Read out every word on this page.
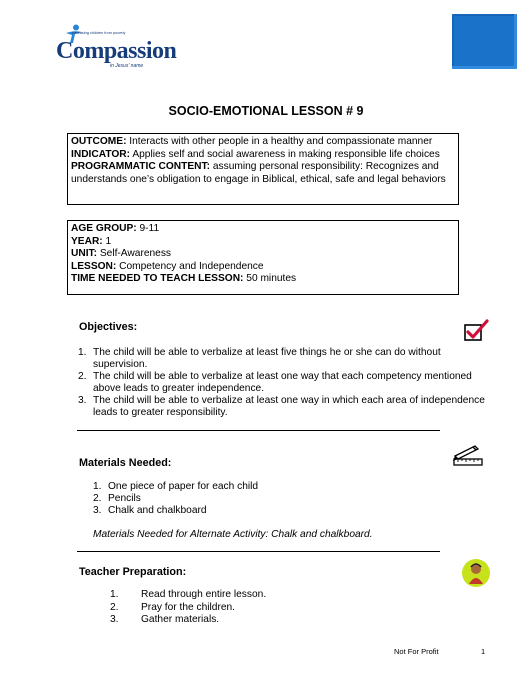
Releasing children from poverty
Compassion
in Jesus' name
SOCIO-EMOTIONAL LESSON # 9
OUTCOME: Interacts with other people in a healthy and compassionate manner
INDICATOR: Applies self and social awareness in making responsible life choices
PROGRAMMATIC CONTENT: assuming personal responsibility: Recognizes and understands one’s obligation to engage in Biblical, ethical, safe and legal behaviors
AGE GROUP: 9-11
YEAR: 1
UNIT: Self-Awareness
LESSON: Competency and Independence
TIME NEEDED TO TEACH LESSON: 50 minutes
Objectives:
1. The child will be able to verbalize at least five things he or she can do without supervision.
2. The child will be able to verbalize at least one way that each competency mentioned above leads to greater independence.
3. The child will be able to verbalize at least one way in which each area of independence leads to greater responsibility.
Materials Needed:
1. One piece of paper for each child
2. Pencils
3. Chalk and chalkboard
Materials Needed for Alternate Activity: Chalk and chalkboard.
Teacher Preparation:
1. Read through entire lesson.
2. Pray for the children.
3. Gather materials.
Not For Profit	1
